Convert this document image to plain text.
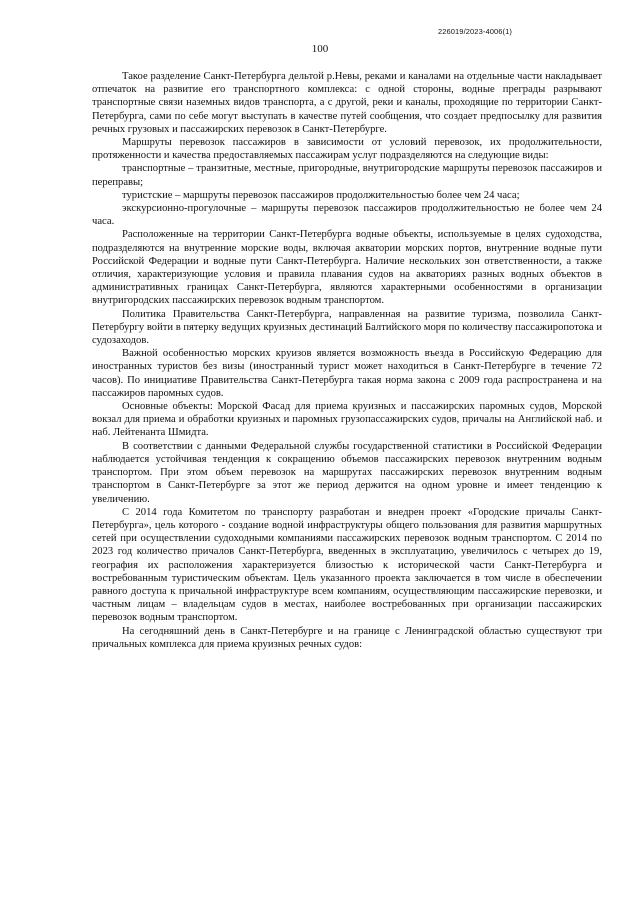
226019/2023-4006(1)
100

Такое разделение Санкт-Петербурга дельтой р.Невы, реками и каналами на отдельные части накладывает отпечаток на развитие его транспортного комплекса: с одной стороны, водные преграды разрывают транспортные связи наземных видов транспорта, а с другой, реки и каналы, проходящие по территории Санкт-Петербурга, сами по себе могут выступать в качестве путей сообщения, что создает предпосылку для развития речных грузовых и пассажирских перевозок в Санкт-Петербурге.

Маршруты перевозок пассажиров в зависимости от условий перевозок, их продолжительности, протяженности и качества предоставляемых пассажирам услуг подразделяются на следующие виды:

транспортные – транзитные, местные, пригородные, внутригородские маршруты перевозок пассажиров и переправы;

туристские – маршруты перевозок пассажиров продолжительностью более чем 24 часа;

экскурсионно-прогулочные – маршруты перевозок пассажиров продолжительностью не более чем 24 часа.

Расположенные на территории Санкт-Петербурга водные объекты, используемые в целях судоходства, подразделяются на внутренние морские воды, включая акватории морских портов, внутренние водные пути Российской Федерации и водные пути Санкт-Петербурга. Наличие нескольких зон ответственности, а также отличия, характеризующие условия и правила плавания судов на акваториях разных водных объектов в административных границах Санкт-Петербурга, являются характерными особенностями в организации внутригородских пассажирских перевозок водным транспортом.

Политика Правительства Санкт-Петербурга, направленная на развитие туризма, позволила Санкт-Петербургу войти в пятерку ведущих круизных дестинаций Балтийского моря по количеству пассажиропотока и судозаходов.

Важной особенностью морских круизов является возможность въезда в Российскую Федерацию для иностранных туристов без визы (иностранный турист может находиться в Санкт-Петербурге в течение 72 часов). По инициативе Правительства Санкт-Петербурга такая норма закона с 2009 года распространена и на пассажиров паромных судов.

Основные объекты: Морской Фасад для приема круизных и пассажирских паромных судов, Морской вокзал для приема и обработки круизных и паромных грузопассажирских судов, причалы на Английской наб. и наб. Лейтенанта Шмидта.

В соответствии с данными Федеральной службы государственной статистики в Российской Федерации наблюдается устойчивая тенденция к сокращению объемов пассажирских перевозок внутренним водным транспортом. При этом объем перевозок на маршрутах пассажирских перевозок внутренним водным транспортом в Санкт-Петербурге за этот же период держится на одном уровне и имеет тенденцию к увеличению.

С 2014 года Комитетом по транспорту разработан и внедрен проект «Городские причалы Санкт-Петербурга», цель которого - создание водной инфраструктуры общего пользования для развития маршрутных сетей при осуществлении судоходными компаниями пассажирских перевозок водным транспортом. С 2014 по 2023 год количество причалов Санкт-Петербурга, введенных в эксплуатацию, увеличилось с четырех до 19, география их расположения характеризуется близостью к исторической части Санкт-Петербурга и востребованным туристическим объектам. Цель указанного проекта заключается в том числе в обеспечении равного доступа к причальной инфраструктуре всем компаниям, осуществляющим пассажирские перевозки, и частным лицам – владельцам судов в местах, наиболее востребованных при организации пассажирских перевозок водным транспортом.

На сегодняшний день в Санкт-Петербурге и на границе с Ленинградской областью существуют три причальных комплекса для приема круизных речных судов:
